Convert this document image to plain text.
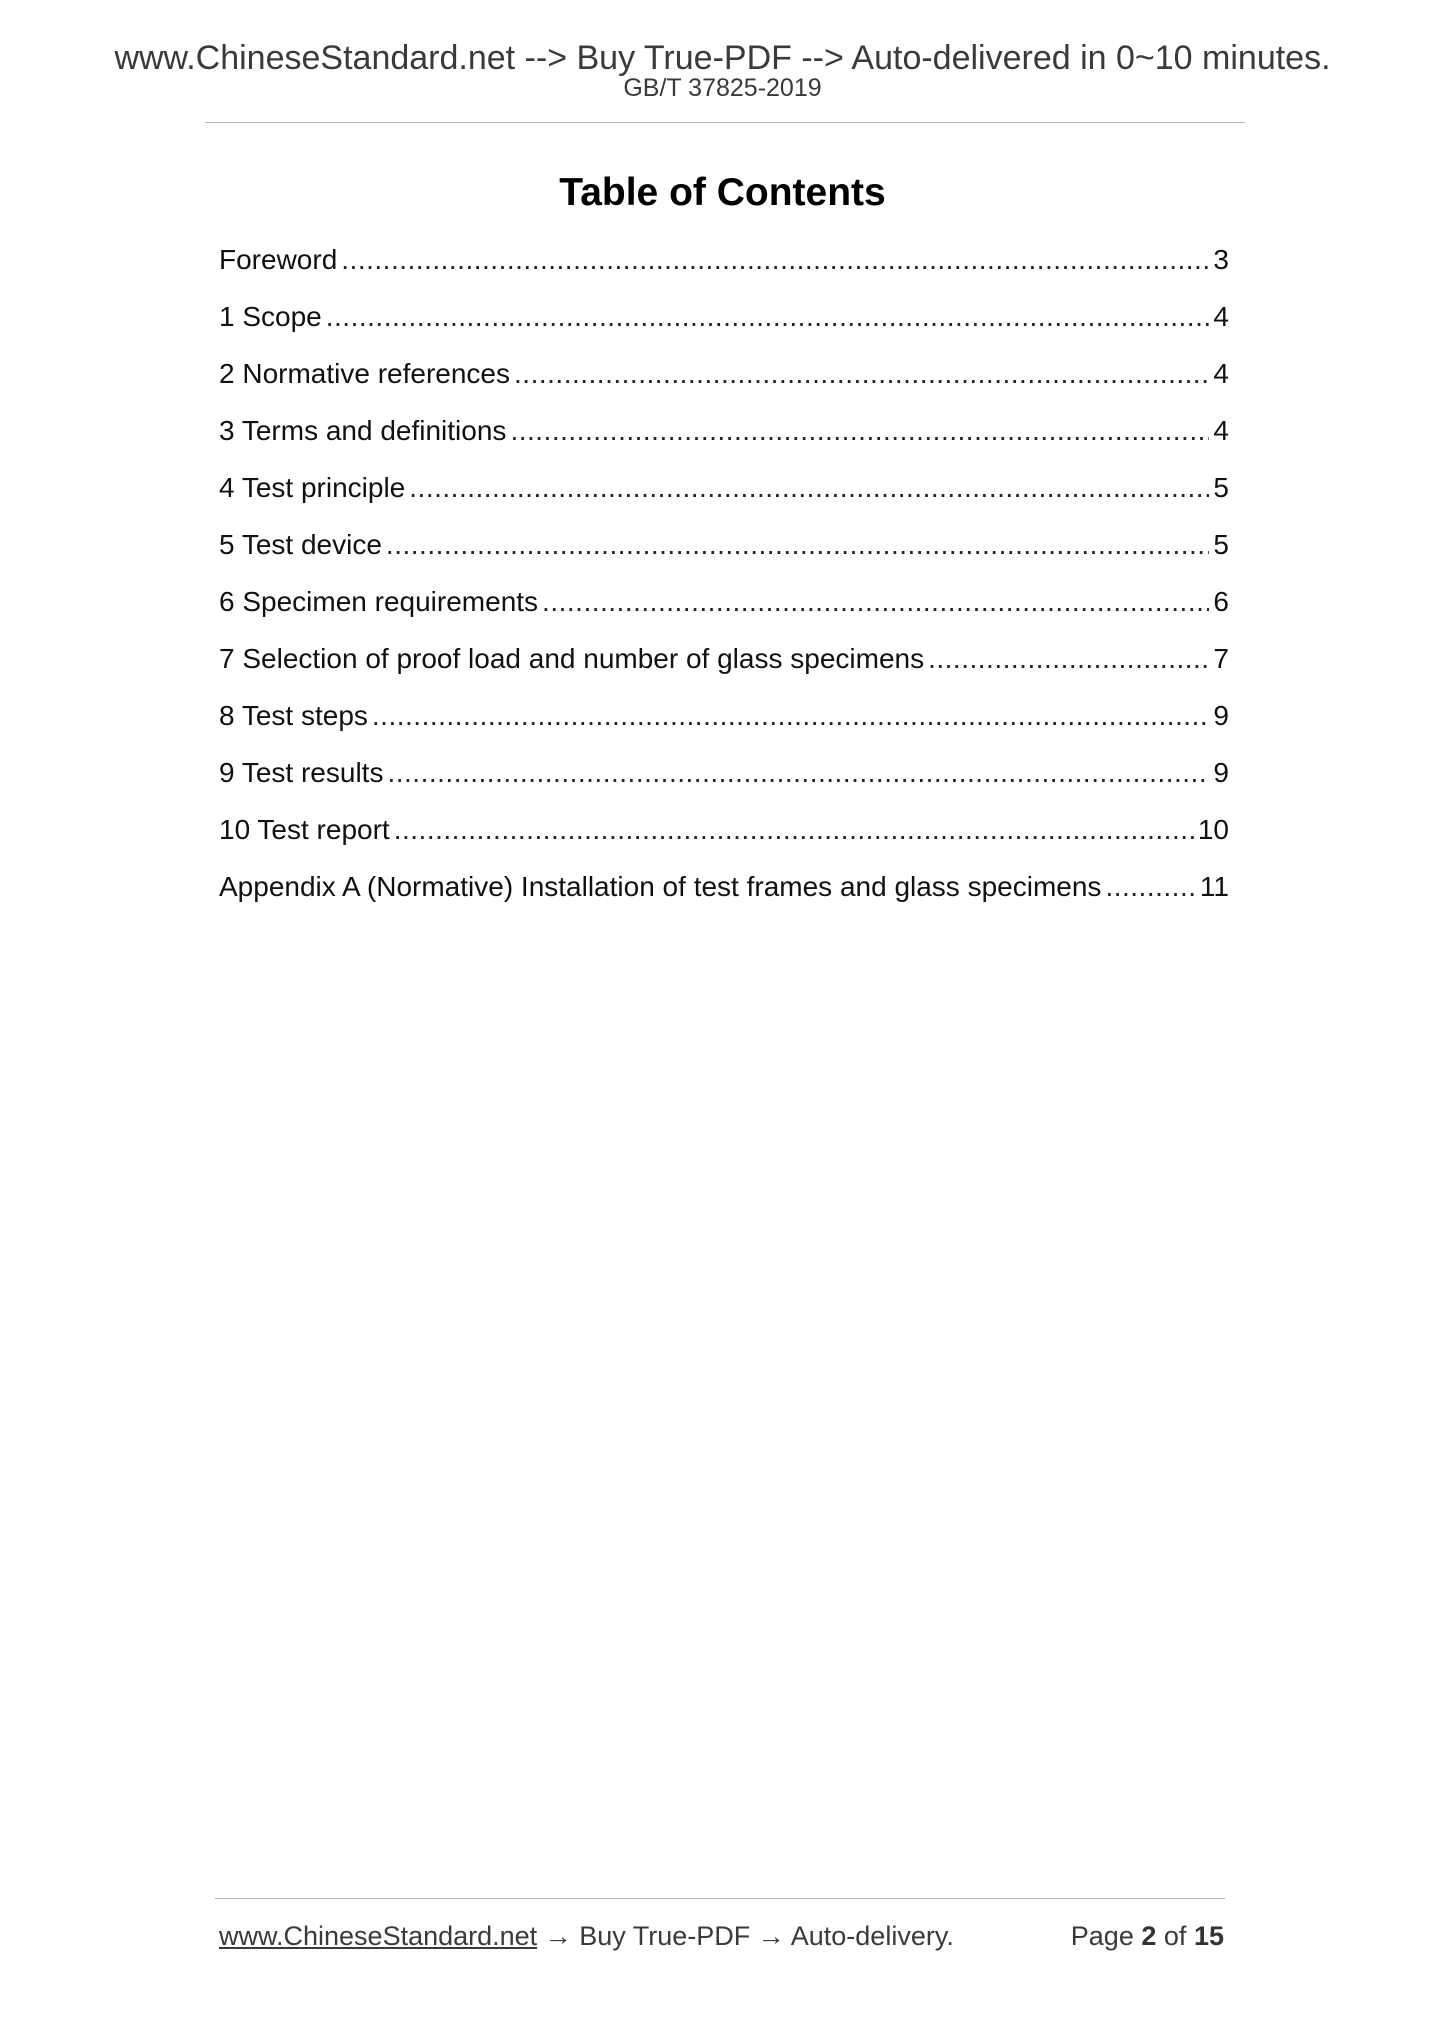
www.ChineseStandard.net --> Buy True-PDF --> Auto-delivered in 0~10 minutes.
GB/T 37825-2019
Table of Contents
Foreword .....	3
1 Scope .....	4
2 Normative references .....	4
3 Terms and definitions .....	4
4 Test principle .....	5
5 Test device .....	5
6 Specimen requirements .....	6
7 Selection of proof load and number of glass specimens .....	7
8 Test steps .....	9
9 Test results .....	9
10 Test report .....	10
Appendix A (Normative) Installation of test frames and glass specimens .....	11
www.ChineseStandard.net → Buy True-PDF → Auto-delivery.	Page 2 of 15
